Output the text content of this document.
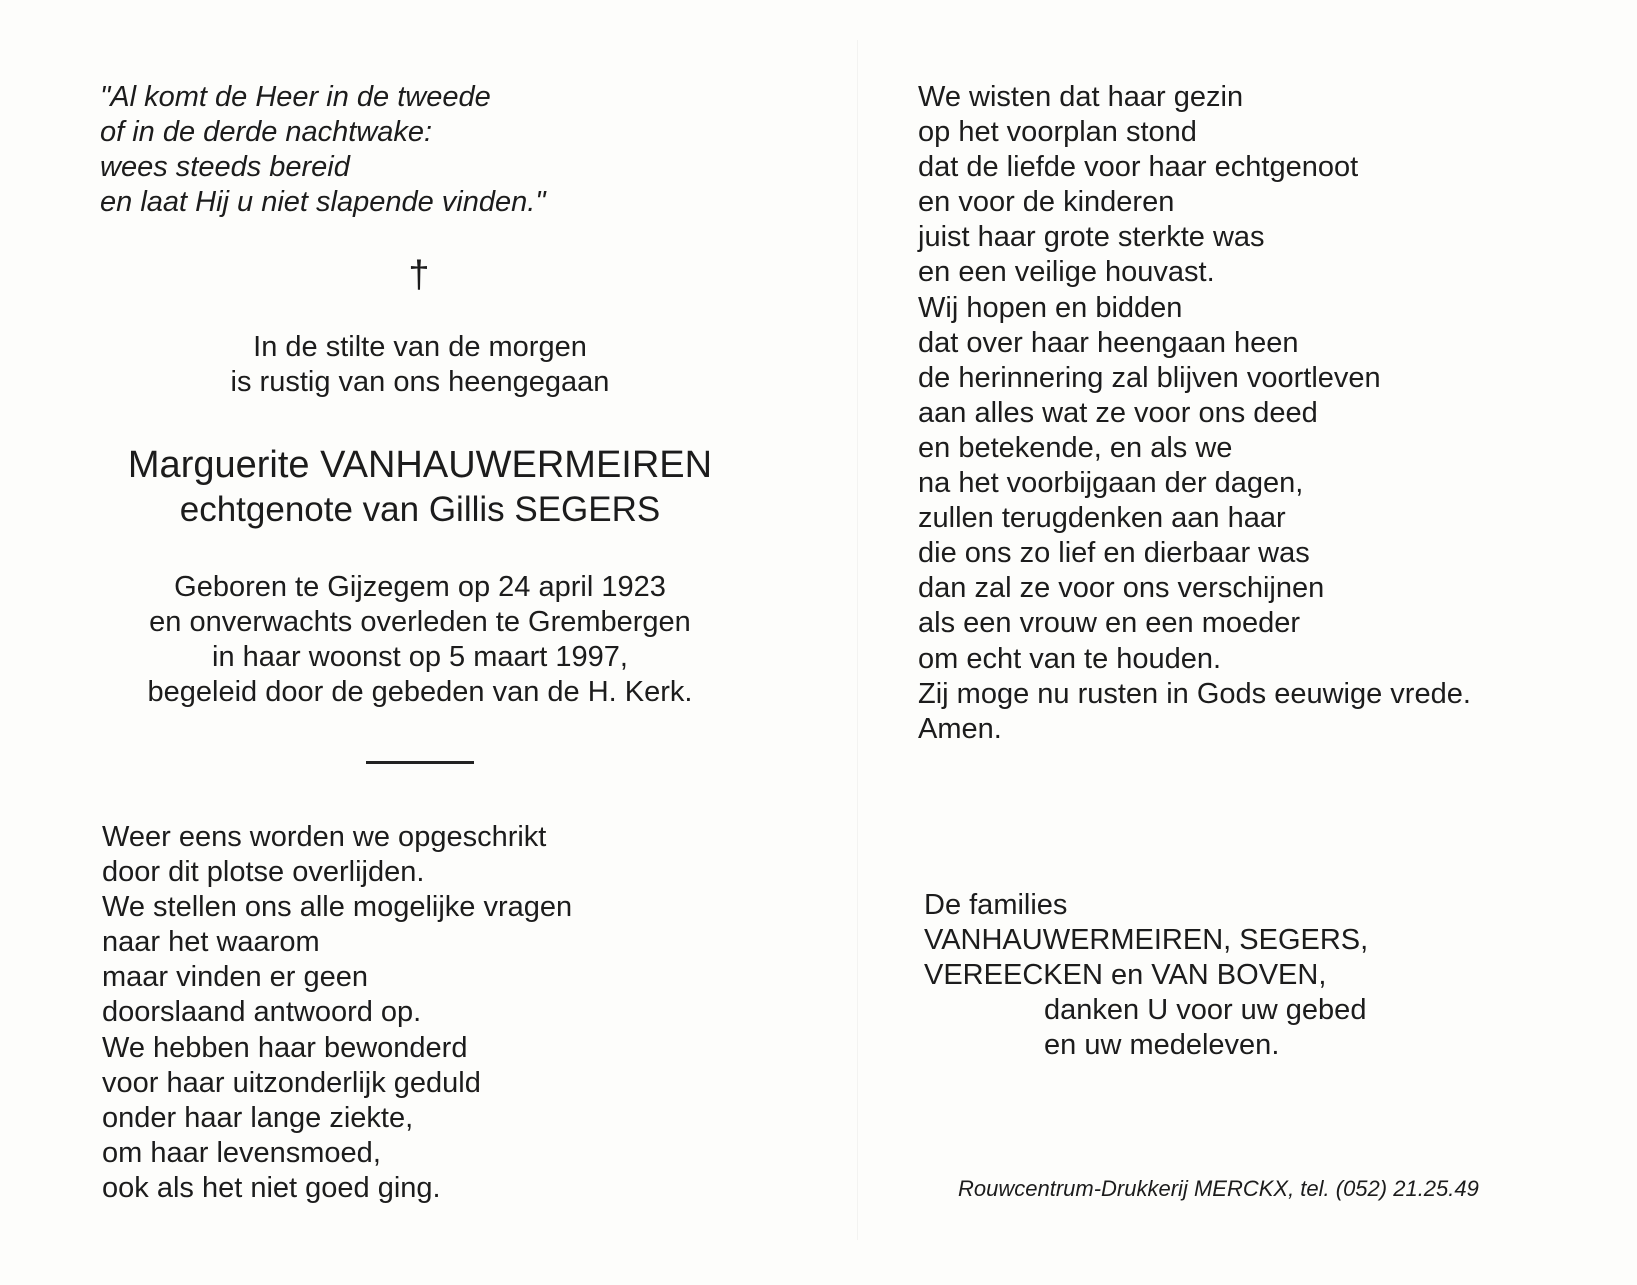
"Al komt de Heer in de tweede
of in de derde nachtwake:
wees steeds bereid
en laat Hij u niet slapende vinden."
†
In de stilte van de morgen
is rustig van ons heengegaan
Marguerite VANHAUWERMEIREN
echtgenote van Gillis SEGERS
Geboren te Gijzegem op 24 april 1923
en onverwachts overleden te Grembergen
in haar woonst op 5 maart 1997,
begeleid door de gebeden van de H. Kerk.
Weer eens worden we opgeschrikt
door dit plotse overlijden.
We stellen ons alle mogelijke vragen
naar het waarom
maar vinden er geen
doorslaand antwoord op.
We hebben haar bewonderd
voor haar uitzonderlijk geduld
onder haar lange ziekte,
om haar levensmoed,
ook als het niet goed ging.
We wisten dat haar gezin
op het voorplan stond
dat de liefde voor haar echtgenoot
en voor de kinderen
juist haar grote sterkte was
en een veilige houvast.
Wij hopen en bidden
dat over haar heengaan heen
de herinnering zal blijven voortleven
aan alles wat ze voor ons deed
en betekende, en als we
na het voorbijgaan der dagen,
zullen terugdenken aan haar
die ons zo lief en dierbaar was
dan zal ze voor ons verschijnen
als een vrouw en een moeder
om echt van te houden.
Zij moge nu rusten in Gods eeuwige vrede.
Amen.
De families
VANHAUWERMEIREN, SEGERS,
VEREECKEN en VAN BOVEN,
danken U voor uw gebed
en uw medeleven.
Rouwcentrum-Drukkerij MERCKX, tel. (052) 21.25.49
